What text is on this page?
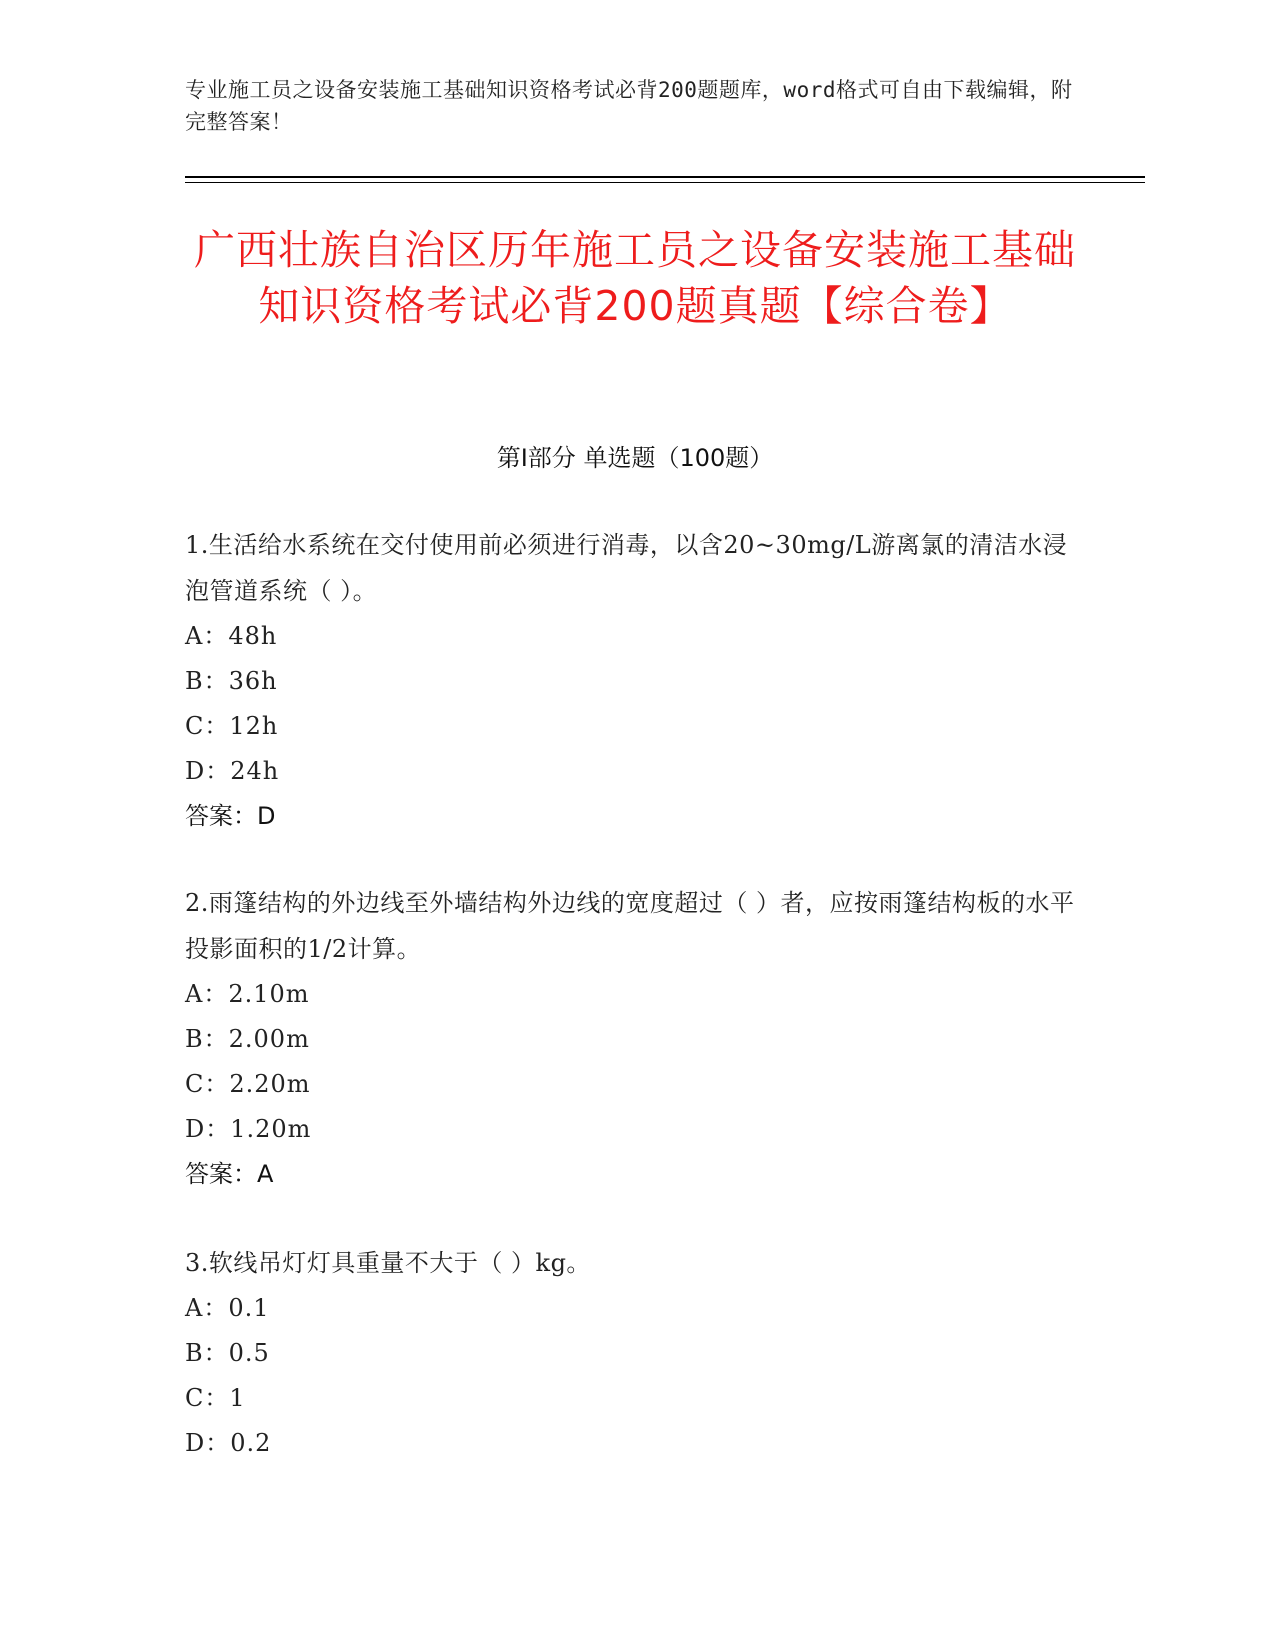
专业施工员之设备安装施工基础知识资格考试必背200题题库，word格式可自由下载编辑，附完整答案！
广西壮族自治区历年施工员之设备安装施工基础知识资格考试必背200题真题【综合卷】
第Ⅰ部分 单选题（100题）
1.生活给水系统在交付使用前必须进行消毒，以含20~30mg/L游离氯的清洁水浸泡管道系统（ ）。
A：48h
B：36h
C：12h
D：24h
答案：D
2.雨篷结构的外边线至外墙结构外边线的宽度超过（ ）者，应按雨篷结构板的水平投影面积的1/2计算。
A：2.10m
B：2.00m
C：2.20m
D：1.20m
答案：A
3.软线吊灯灯具重量不大于（ ）kg。
A：0.1
B：0.5
C：1
D：0.2
